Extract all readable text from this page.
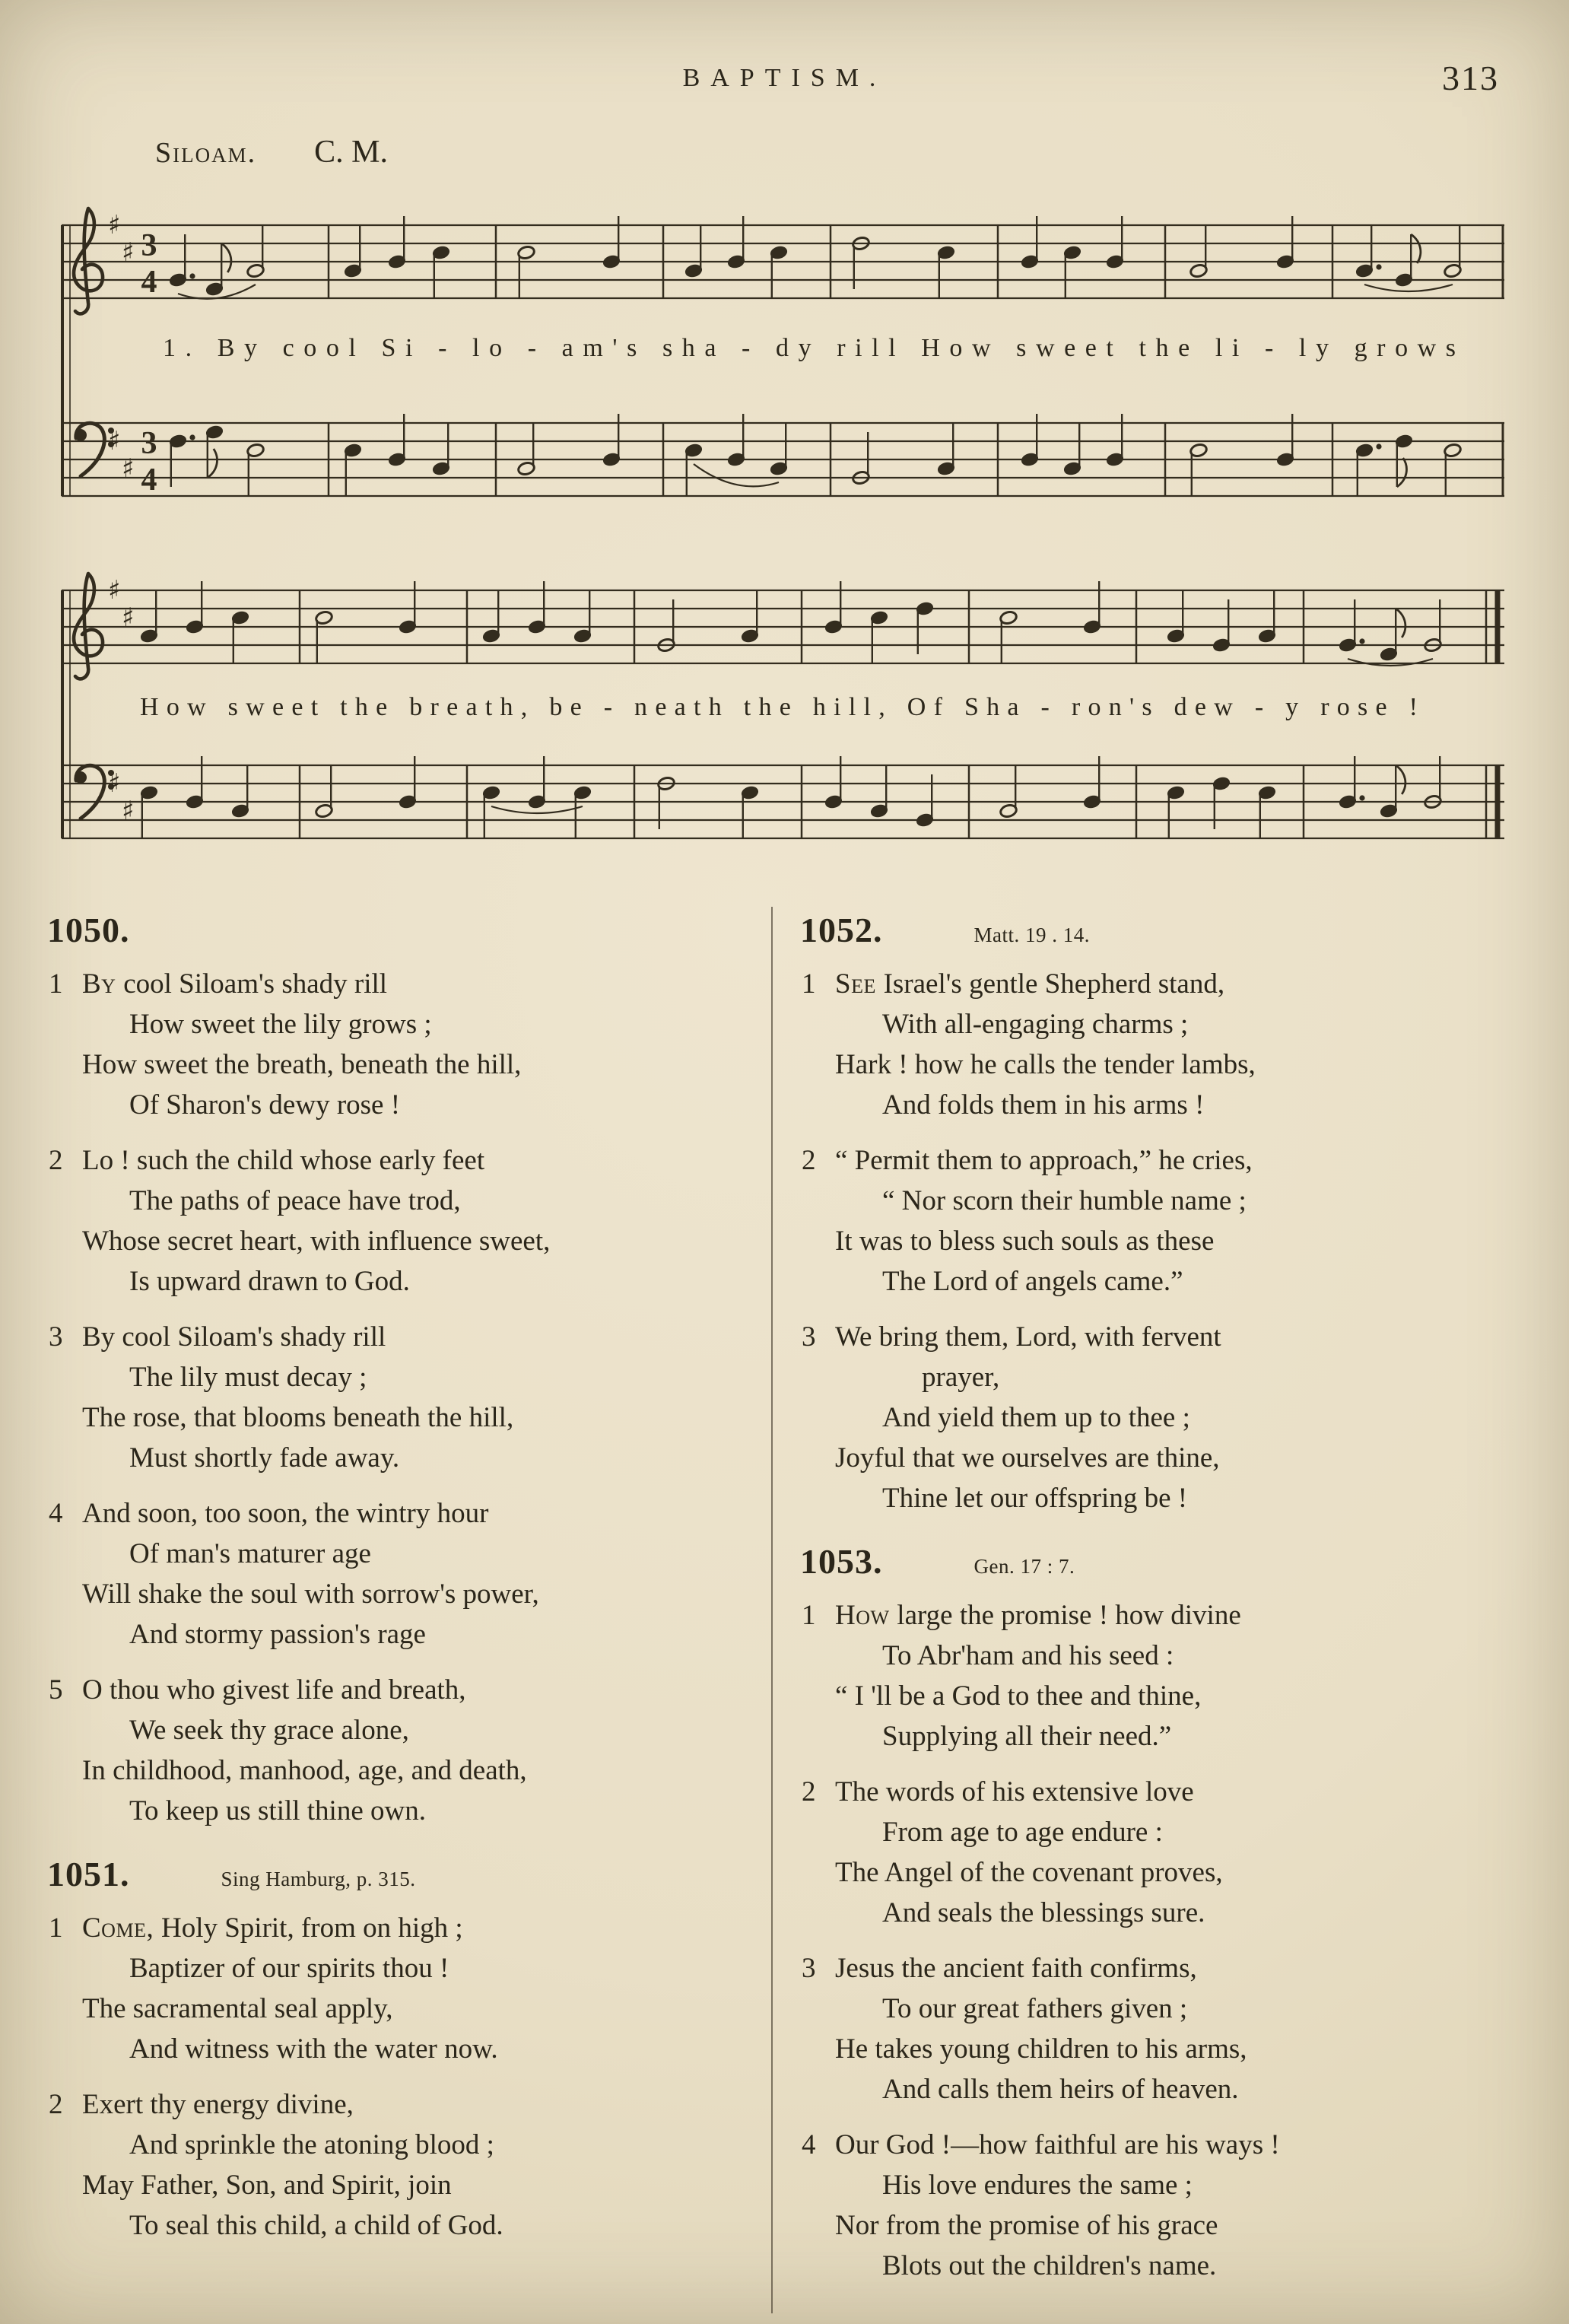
BAPTISM.	313
Siloam. C. M.
♯
♯
♯
♯
3
4
3
4
1. By cool Si - lo - am's sha - dy rill How sweet the li - ly grows
♯
♯
♯
♯
How sweet the breath, be - neath the hill, Of Sha - ron's dew - y rose !
1050.
1 By cool Siloam's shady rill
How sweet the lily grows ;
How sweet the breath, beneath the hill,
Of Sharon's dewy rose !
2 Lo ! such the child whose early feet
The paths of peace have trod,
Whose secret heart, with influence sweet,
Is upward drawn to God.
3 By cool Siloam's shady rill
The lily must decay ;
The rose, that blooms beneath the hill,
Must shortly fade away.
4 And soon, too soon, the wintry hour
Of man's maturer age
Will shake the soul with sorrow's power,
And stormy passion's rage
5 O thou who givest life and breath,
We seek thy grace alone,
In childhood, manhood, age, and death,
To keep us still thine own.
1051.	Sing Hamburg, p. 315.
1 Come, Holy Spirit, from on high ;
Baptizer of our spirits thou !
The sacramental seal apply,
And witness with the water now.
2 Exert thy energy divine,
And sprinkle the atoning blood ;
May Father, Son, and Spirit, join
To seal this child, a child of God.
1052.	Matt. 19 . 14.
1 See Israel's gentle Shepherd stand,
With all-engaging charms ;
Hark ! how he calls the tender lambs,
And folds them in his arms !
2 “ Permit them to approach,” he cries,
“ Nor scorn their humble name ;
It was to bless such souls as these
The Lord of angels came.”
3 We bring them, Lord, with fervent
prayer,
And yield them up to thee ;
Joyful that we ourselves are thine,
Thine let our offspring be !
1053.	Gen. 17 : 7.
1 How large the promise ! how divine
To Abr'ham and his seed :
“ I 'll be a God to thee and thine,
Supplying all their need.”
2 The words of his extensive love
From age to age endure :
The Angel of the covenant proves,
And seals the blessings sure.
3 Jesus the ancient faith confirms,
To our great fathers given ;
He takes young children to his arms,
And calls them heirs of heaven.
4 Our God !—how faithful are his ways !
His love endures the same ;
Nor from the promise of his grace
Blots out the children's name.
